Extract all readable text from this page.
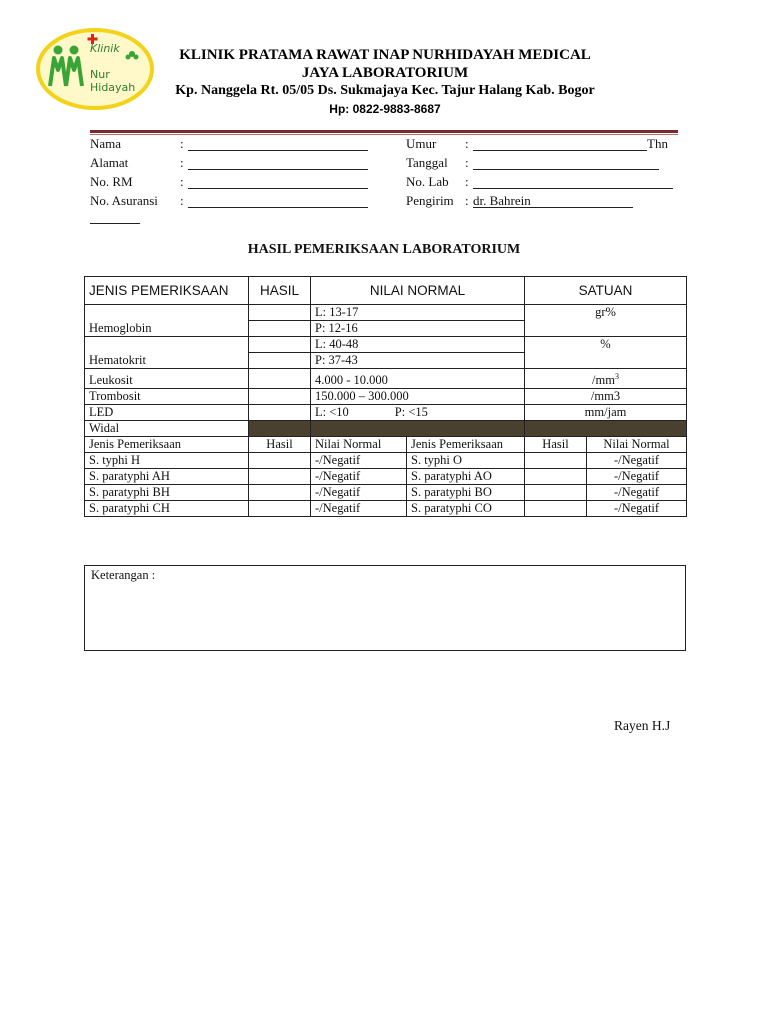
Klinik
Nur Hidayah
KLINIK PRATAMA RAWAT INAP NURHIDAYAH MEDICAL
JAYA LABORATORIUM
Kp. Nanggela Rt. 05/05 Ds. Sukmajaya Kec. Tajur Halang Kab. Bogor
Hp: 0822-9883-8687
Nama	:
Alamat	:
No. RM	:
No. Asuransi :
Umur :	Thn
Tanggal :
No. Lab :
Pengirim : dr. Bahrein
HASIL PEMERIKSAAN LABORATORIUM
JENIS PEMERIKSAAN	HASIL	NILAI NORMAL		SATUAN	
Hemoglobin		L: 13-17		gr%	
		P: 12-16			
Hematokrit		L: 40-48		%	
		P: 37-43			
Leukosit		4.000 - 10.000		$/mm^3$
Trombosit		150.000 – 300.000		/mm3	
LED		L: <10 P: <15		mm/jam	
Widal					
Jenis Pemeriksaan	Hasil	Nilai Normal	Jenis Pemeriksaan	Hasil	Nilai Normal
S. typhi H		-/Negatif	S. typhi O		-/Negatif
S. paratyphi AH		-/Negatif	S. paratyphi AO		-/Negatif
S. paratyphi BH		-/Negatif	S. paratyphi BO		-/Negatif
S. paratyphi CH		-/Negatif	S. paratyphi CO		-/Negatif
Keterangan :
Rayen H.J
